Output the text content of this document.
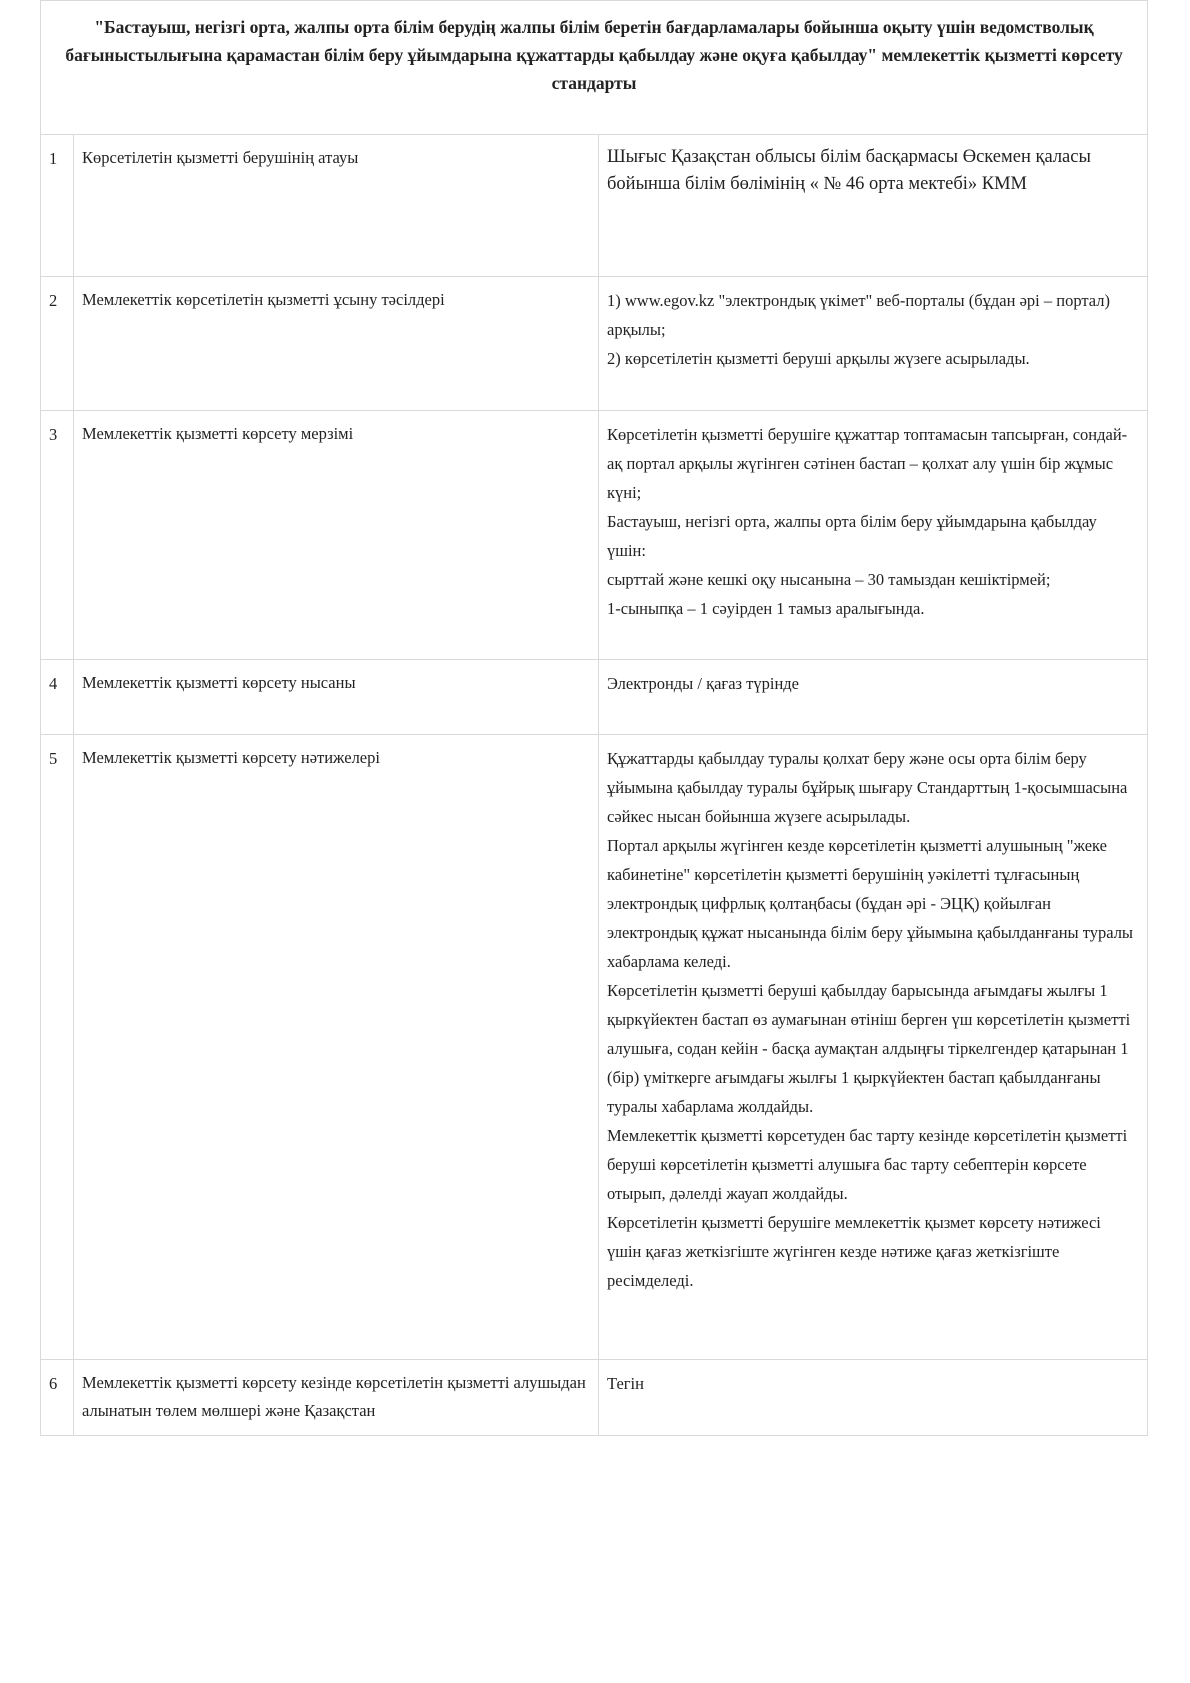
"Бастауыш, негізгі орта, жалпы орта білім берудің жалпы білім беретін бағдарламалары бойынша оқыту үшін ведомстволық бағыныстылығына қарамастан білім беру ұйымдарына құжаттарды қабылдау және оқуға қабылдау" мемлекеттік қызметті көрсету стандарты		
1	Көрсетілетін қызметті берушінің атауы	Шығыс Қазақстан облысы білім басқармасы Өскемен қаласы бойынша білім бөлімінің « № 46 орта мектебі» КММ

2	Мемлекеттік көрсетілетін қызметті ұсыну тәсілдері	1) www.egov.kz "электрондық үкімет" веб-порталы (бұдан әрі – портал) арқылы;
2) көрсетілетін қызметті беруші арқылы жүзеге асырылады.

3	Мемлекеттік қызметті көрсету мерзімі	Көрсетілетін қызметті берушіге құжаттар топтамасын тапсырған, сондай-ақ портал арқылы жүгінген сәтінен бастап – қолхат алу үшін бір жұмыс күні;
Бастауыш, негізгі орта, жалпы орта білім беру ұйымдарына қабылдау үшін:
сырттай және кешкі оқу нысанына – 30 тамыздан кешіктірмей;
1-сыныпқа – 1 сәуірден 1 тамыз аралығында.

4	Мемлекеттік қызметті көрсету нысаны	Электронды / қағаз түрінде

5	Мемлекеттік қызметті көрсету нәтижелері	Құжаттарды қабылдау туралы қолхат беру және осы орта білім беру ұйымына қабылдау туралы бұйрық шығару Стандарттың 1-қосымшасына сәйкес нысан бойынша жүзеге асырылады.
Портал арқылы жүгінген кезде көрсетілетін қызметті алушының "жеке кабинетіне" көрсетілетін қызметті берушінің уәкілетті тұлғасының электрондық цифрлық қолтаңбасы (бұдан әрі - ЭЦҚ) қойылған электрондық құжат нысанында білім беру ұйымына қабылданғаны туралы хабарлама келеді.
Көрсетілетін қызметті беруші қабылдау барысында ағымдағы жылғы 1 қыркүйектен бастап өз аумағынан өтініш берген үш көрсетілетін қызметті алушыға, содан кейін - басқа аумақтан алдыңғы тіркелгендер қатарынан 1 (бір) үміткерге ағымдағы жылғы 1 қыркүйектен бастап қабылданғаны туралы хабарлама жолдайды.
Мемлекеттік қызметті көрсетуден бас тарту кезінде көрсетілетін қызметті беруші көрсетілетін қызметті алушыға бас тарту себептерін көрсете отырып, дәлелді жауап жолдайды.
Көрсетілетін қызметті берушіге мемлекеттік қызмет көрсету нәтижесі үшін қағаз жеткізгіште жүгінген кезде нәтиже қағаз жеткізгіште ресімделеді.

6	Мемлекеттік қызметті көрсету кезінде көрсетілетін қызметті алушыдан алынатын төлем мөлшері және Қазақстан	Тегін
